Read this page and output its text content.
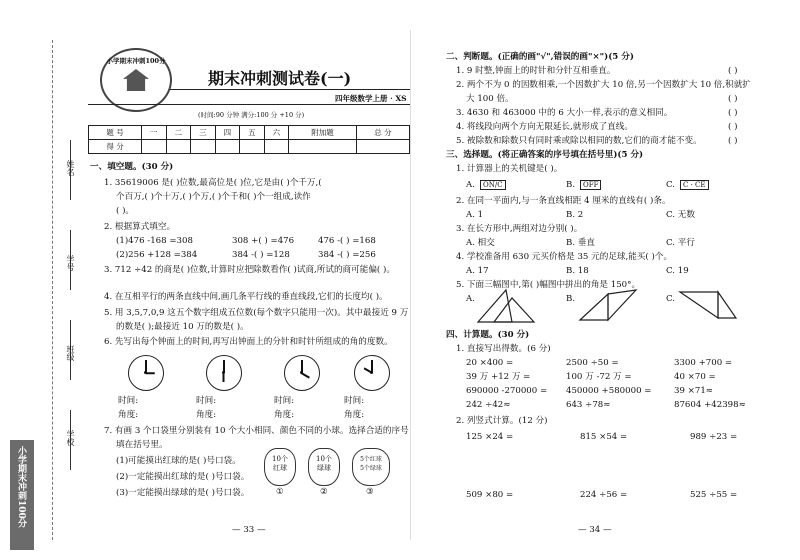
姓名
学号
班级
学校
小学期末冲刺100分
小学期末冲刺100分
期末冲刺测试卷(一)
四年级数学上册 · XS
(时间:90 分钟 满分:100 分 +10 分)
题 号	一	二	三	四	五	六	附加题	总 分
得 分								
一、填空题。(30 分)
1. 35619006 是( )位数,最高位是( )位,它是由( )个千万,(
个百万,( )个十万,( )个万,( )个千和( )个一组成,读作
( )。
2. 根据算式填空。
(1)476 -168 =308	308 +( ) =476	476 -( ) =168
(2)256 +128 =384	384 -( ) =128	384 -( ) =256
3. 712 ÷42 的商是( )位数,计算时应把除数看作( )试商,所试的商可能偏( )。
4. 在互相平行的两条直线中间,画几条平行线的垂直线段,它们的长度均( )。
5. 用 3,5,7,0,9 这五个数字组成五位数(每个数字只能用一次)。其中最接近 9 万
的数是( );最接近 10 万的数是( )。
6. 先写出每个钟面上的时间,再写出钟面上的分针和时针所组成的角的度数。
时间:	时间:	时间:	时间:
角度:	角度:	角度:	角度:
7. 有画 3 个口袋里分别装有 10 个大小相同、颜色不同的小球。选择合适的序号
填在括号里。
(1)可能摸出红球的是( )号口袋。
(2)一定能摸出红球的是( )号口袋。
(3)一定能摸出绿球的是( )号口袋。
10个
红球
10个
绿球
5个红球
5个绿球
①	②	③
— 33 —
二、判断题。(正确的画"√",错误的画"×")(5 分)
1. 9 时整,钟面上的时针和分针互相垂直。	( )
2. 两个不为 0 的因数相乘,一个因数扩大 10 倍,另一个因数扩大 10 倍,积就扩
大 100 倍。	( )
3. 4630 和 463000 中的 6 大小一样,表示的意义相同。	( )
4. 将线段向两个方向无限延长,就形成了直线。	( )
5. 被除数和除数只有同时乘或除以相同的数,它们的商才能不变。	( )
三、选择题。(将正确答案的序号填在括号里)(5 分)
1. 计算器上的关机键是( )。
A.	ON/C	B.	OFF	C.	C · CE
2. 在同一平面内,与一条直线相距 4 厘米的直线有( )条。
A. 1	B. 2	C. 无数
3. 在长方形中,两组对边分别( )。
A. 相交	B. 垂直	C. 平行
4. 学校准备用 630 元买价格是 35 元的足球,能买( )个。
A. 17	B. 18	C. 19
5. 下面三幅图中,第( )幅图中拼出的角是 150°。
A.	B.	C.
四、计算题。(30 分)
1. 直接写出得数。(6 分)
20 ×400 =	2500 ÷50 =	3300 +700 =
39 万 +12 万 =	100 万 -72 万 =	40 ×70 =
690000 -270000 = 450000 +580000 =	39 ×71≈
242 ÷42≈	643 ÷78≈	87604 +42398≈
2. 列竖式计算。(12 分)
125 ×24 =	815 ×54 =	989 ÷23 =
509 ×80 =	224 ÷56 =	525 ÷55 =
— 34 —
